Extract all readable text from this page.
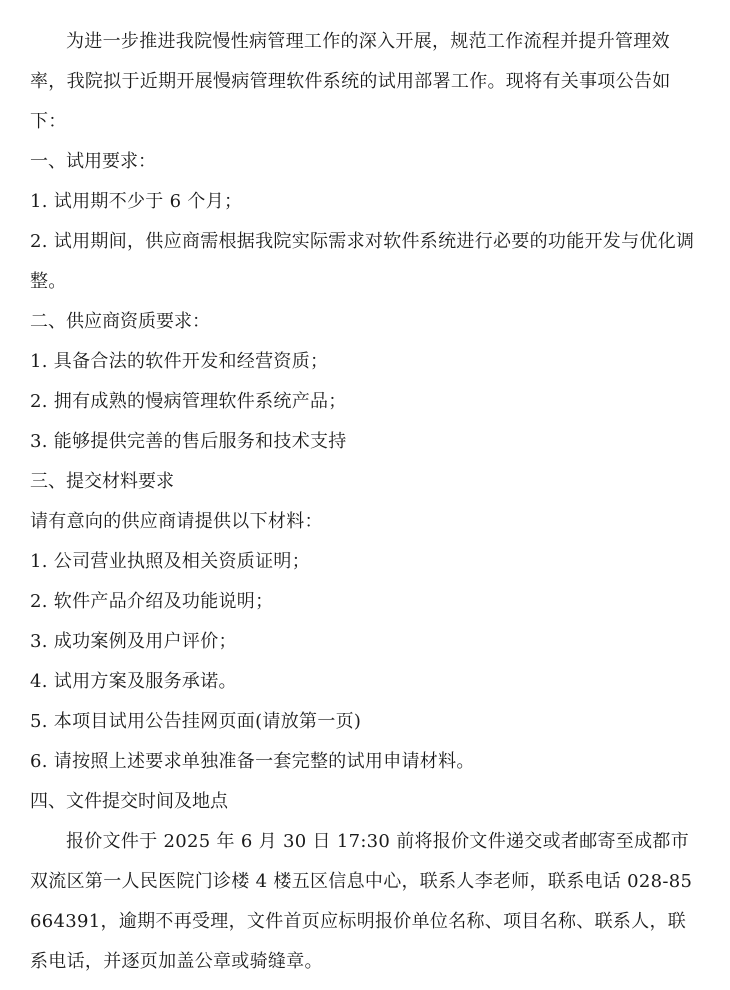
为进一步推进我院慢性病管理工作的深入开展，规范工作流程并提升管理效率，我院拟于近期开展慢病管理软件系统的试用部署工作。现将有关事项公告如下：

一、试用要求：

1. 试用期不少于 6 个月；

2. 试用期间，供应商需根据我院实际需求对软件系统进行必要的功能开发与优化调整。

二、供应商资质要求：

1. 具备合法的软件开发和经营资质；

2. 拥有成熟的慢病管理软件系统产品；

3. 能够提供完善的售后服务和技术支持

三、提交材料要求

请有意向的供应商请提供以下材料：

1. 公司营业执照及相关资质证明；

2. 软件产品介绍及功能说明；

3. 成功案例及用户评价；

4. 试用方案及服务承诺。

5. 本项目试用公告挂网页面(请放第一页)

6. 请按照上述要求单独准备一套完整的试用申请材料。

四、文件提交时间及地点

报价文件于 2025 年 6 月 30 日 17:30 前将报价文件递交或者邮寄至成都市双流区第一人民医院门诊楼 4 楼五区信息中心，联系人李老师，联系电话 028-85664391，逾期不再受理，文件首页应标明报价单位名称、项目名称、联系人，联系电话，并逐页加盖公章或骑缝章。
